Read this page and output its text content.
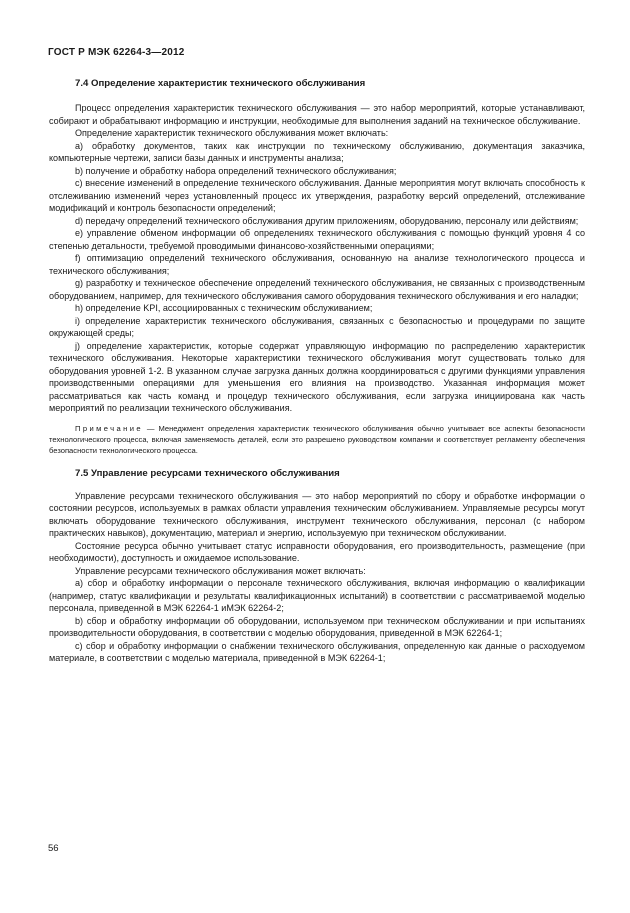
ГОСТ Р МЭК 62264-3—2012
7.4 Определение характеристик технического обслуживания

Процесс определения характеристик технического обслуживания — это набор мероприятий, которые устанавливают, собирают и обрабатывают информацию и инструкции, необходимые для выполнения заданий на техническое обслуживание.

Определение характеристик технического обслуживания может включать:

a) обработку документов, таких как инструкции по техническому обслуживанию, документация заказчика, компьютерные чертежи, записи базы данных и инструменты анализа;

b) получение и обработку набора определений технического обслуживания;

c) внесение изменений в определение технического обслуживания. Данные мероприятия могут включать способность к отслеживанию изменений через установленный процесс их утверждения, разработку версий определений, отслеживание модификаций и контроль безопасности определений;

d) передачу определений технического обслуживания другим приложениям, оборудованию, персоналу или действиям;

e) управление обменом информации об определениях технического обслуживания с помощью функций уровня 4 со степенью детальности, требуемой проводимыми финансово-хозяйственными операциями;

f) оптимизацию определений технического обслуживания, основанную на анализе технологического процесса и технического обслуживания;

g) разработку и техническое обеспечение определений технического обслуживания, не связанных с производственным оборудованием, например, для технического обслуживания самого оборудования технического обслуживания и его наладки;

h) определение KPI, ассоциированных с техническим обслуживанием;

i) определение характеристик технического обслуживания, связанных с безопасностью и процедурами по защите окружающей среды;

j) определение характеристик, которые содержат управляющую информацию по распределению характеристик технического обслуживания. Некоторые характеристики технического обслуживания могут существовать только для оборудования уровней 1-2. В указанном случае загрузка данных должна координироваться с другими функциями управления производственными операциями для уменьшения его влияния на производство. Указанная информация может рассматриваться как часть команд и процедур технического обслуживания, если загрузка инициирована как часть мероприятий по реализации технического обслуживания.

Примечание — Менеджмент определения характеристик технического обслуживания обычно учитывает все аспекты безопасности технологического процесса, включая заменяемость деталей, если это разрешено руководством компании и соответствует регламенту обеспечения безопасности технологического процесса.

7.5 Управление ресурсами технического обслуживания

Управление ресурсами технического обслуживания — это набор мероприятий по сбору и обработке информации о состоянии ресурсов, используемых в рамках области управления техническим обслуживанием. Управляемые ресурсы могут включать оборудование технического обслуживания, инструмент технического обслуживания, персонал (с набором практических навыков), документацию, материал и энергию, используемую при техническом обслуживании.

Состояние ресурса обычно учитывает статус исправности оборудования, его производительность, размещение (при необходимости), доступность и ожидаемое использование.

Управление ресурсами технического обслуживания может включать:

a) сбор и обработку информации о персонале технического обслуживания, включая информацию о квалификации (например, статус квалификации и результаты квалификационных испытаний) в соответствии с рассматриваемой моделью персонала, приведенной в МЭК 62264-1 иМЭК 62264-2;

b) сбор и обработку информации об оборудовании, используемом при техническом обслуживании и при испытаниях производительности оборудования, в соответствии с моделью оборудования, приведенной в МЭК 62264-1;

c) сбор и обработку информации о снабжении технического обслуживания, определенную как данные о расходуемом материале, в соответствии с моделью материала, приведенной в МЭК 62264-1;

56
